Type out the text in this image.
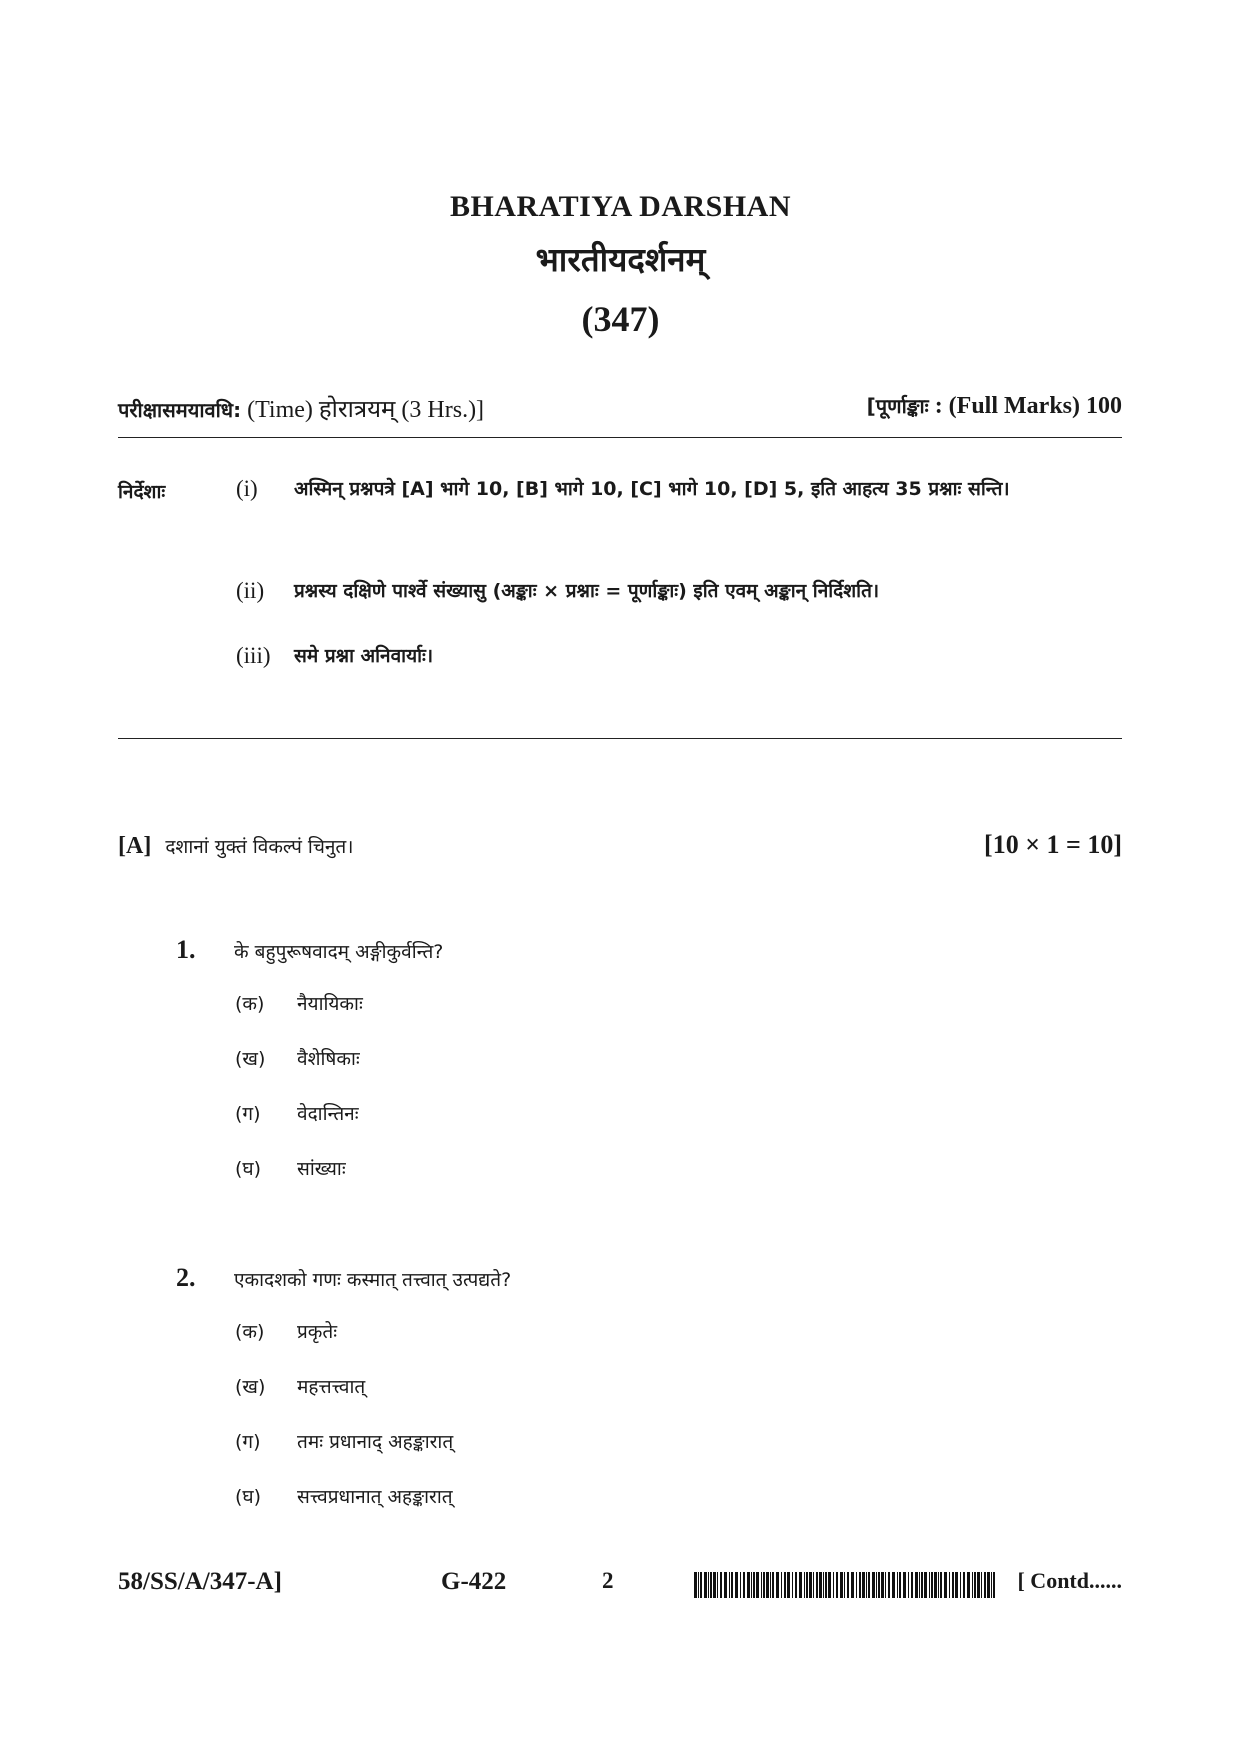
BHARATIYA DARSHAN
भारतीयदर्शनम्
(347)
परीक्षासमयावधि: (Time) होरात्रयम् (3 Hrs.)]	[पूर्णाङ्काः : (Full Marks) 100
निर्देशाः	(i)	अस्मिन् प्रश्नपत्रे [A] भागे 10, [B] भागे 10, [C] भागे 10, [D] 5, इति आहत्य 35 प्रश्नाः सन्ति।
(ii)	प्रश्नस्य दक्षिणे पार्श्वे संख्यासु (अङ्काः × प्रश्नाः = पूर्णाङ्काः) इति एवम् अङ्कान् निर्दिशति।
(iii)	समे प्रश्ना अनिवार्याः।
[A] दशानां युक्तं विकल्पं चिनुत।	[10 × 1 = 10]
1.	के बहुपुरूषवादम् अङ्गीकुर्वन्ति?
(क)	नैयायिकाः
(ख)	वैशेषिकाः
(ग)	वेदान्तिनः
(घ)	सांख्याः
2.	एकादशको गणः कस्मात् तत्त्वात् उत्पद्यते?
(क)	प्रकृतेः
(ख)	महत्तत्त्वात्
(ग)	तमः प्रधानाद् अहङ्कारात्
(घ)	सत्त्वप्रधानात् अहङ्कारात्
58/SS/A/347-A]	G-422	2	[ Contd......
